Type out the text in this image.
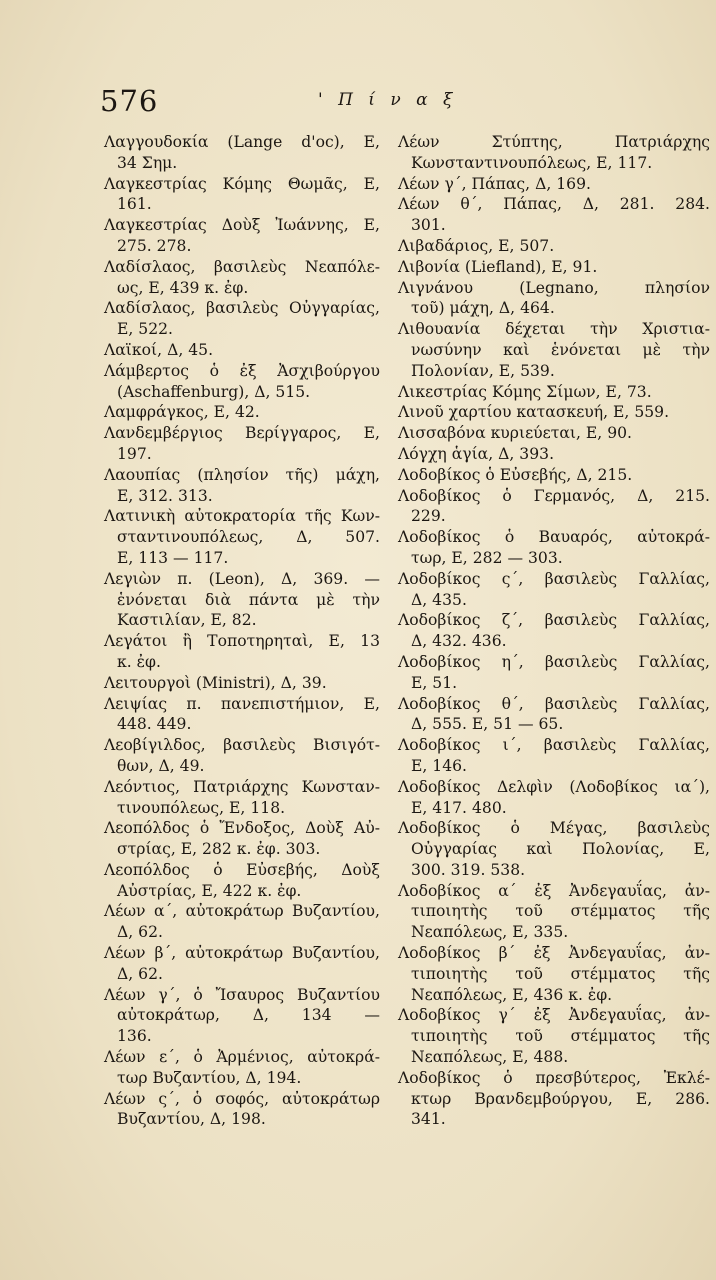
576	' Π ί ν α ξ
Λαγγουδοκία (Lange d'oc), Ε,
34 Σημ.
Λαγκεστρίας Κόμης Θωμᾶς, Ε,
161.
Λαγκεστρίας Δοὺξ Ἰωάννης, Ε,
275. 278.
Λαδίσλαος, βασιλεὺς Νεαπόλε-
ως, Ε, 439 κ. ἐφ.
Λαδίσλαος, βασιλεὺς Οὐγγαρίας,
Ε, 522.
Λαϊκοί, Δ, 45.
Λάμβερτος ὁ ἐξ Ἀσχιβούργου
(Aschaffenburg), Δ, 515.
Λαμφράγκος, Ε, 42.
Λανδεμβέργιος Βερίγγαρος, Ε,
197.
Λαουπίας (πλησίον τῆς) μάχη,
Ε, 312. 313.
Λατινικὴ αὐτοκρατορία τῆς Κων-
σταντινουπόλεως, Δ, 507.
Ε, 113 — 117.
Λεγιὼν π. (Leon), Δ, 369. —
ἑνόνεται διὰ πάντα μὲ τὴν
Καστιλίαν, Ε, 82.
Λεγάτοι ἢ Τοποτηρηταὶ, Ε, 13
κ. ἐφ.
Λειτουργοὶ (Ministri), Δ, 39.
Λειψίας π. πανεπιστήμιον, Ε,
448. 449.
Λεοβίγιλδος, βασιλεὺς Βισιγότ-
θων, Δ, 49.
Λεόντιος, Πατριάρχης Κωνσταν-
τινουπόλεως, Ε, 118.
Λεοπόλδος ὁ Ἔνδοξος, Δοὺξ Αὐ-
στρίας, Ε, 282 κ. ἐφ. 303.
Λεοπόλδος ὁ Εὐσεβής, Δοὺξ
Αὐστρίας, Ε, 422 κ. ἐφ.
Λέων α΄, αὐτοκράτωρ Βυζαντίου,
Δ, 62.
Λέων β΄, αὐτοκράτωρ Βυζαντίου,
Δ, 62.
Λέων γ΄, ὁ Ἴσαυρος Βυζαντίου
αὐτοκράτωρ, Δ, 134 —
136.
Λέων ε΄, ὁ Ἀρμένιος, αὐτοκρά-
τωρ Βυζαντίου, Δ, 194.
Λέων ς΄, ὁ σοφός, αὐτοκράτωρ
Βυζαντίου, Δ, 198.
Λέων Στύπτης, Πατριάρχης
Κωνσταντινουπόλεως, Ε, 117.
Λέων γ΄, Πάπας, Δ, 169.
Λέων θ΄, Πάπας, Δ, 281. 284.
301.
Λιβαδάριος, Ε, 507.
Λιβονία (Liefland), Ε, 91.
Λιγνάνου (Legnano, πλησίον
τοῦ) μάχη, Δ, 464.
Λιθουανία δέχεται τὴν Χριστια-
νωσύνην καὶ ἑνόνεται μὲ τὴν
Πολονίαν, Ε, 539.
Λικεστρίας Κόμης Σίμων, Ε, 73.
Λινοῦ χαρτίου κατασκευή, Ε, 559.
Λισσαβόνα κυριεύεται, Ε, 90.
Λόγχη ἁγία, Δ, 393.
Λοδοβίκος ὁ Εὐσεβής, Δ, 215.
Λοδοβίκος ὁ Γερμανός, Δ, 215.
229.
Λοδοβίκος ὁ Βαυαρός, αὐτοκρά-
τωρ, Ε, 282 — 303.
Λοδοβίκος ς΄, βασιλεὺς Γαλλίας,
Δ, 435.
Λοδοβίκος ζ΄, βασιλεὺς Γαλλίας,
Δ, 432. 436.
Λοδοβίκος η΄, βασιλεὺς Γαλλίας,
Ε, 51.
Λοδοβίκος θ΄, βασιλεὺς Γαλλίας,
Δ, 555. Ε, 51 — 65.
Λοδοβίκος ι΄, βασιλεὺς Γαλλίας,
Ε, 146.
Λοδοβίκος Δελφὶν (Λοδοβίκος ια΄),
Ε, 417. 480.
Λοδοβίκος ὁ Μέγας, βασιλεὺς
Οὐγγαρίας καὶ Πολονίας, Ε,
300. 319. 538.
Λοδοβίκος α΄ ἐξ Ἀνδεγαυΐας, ἀν-
τιποιητὴς τοῦ στέμματος τῆς
Νεαπόλεως, Ε, 335.
Λοδοβίκος β΄ ἐξ Ἀνδεγαυΐας, ἀν-
τιποιητὴς τοῦ στέμματος τῆς
Νεαπόλεως, Ε, 436 κ. ἐφ.
Λοδοβίκος γ΄ ἐξ Ἀνδεγαυΐας, ἀν-
τιποιητὴς τοῦ στέμματος τῆς
Νεαπόλεως, Ε, 488.
Λοδοβίκος ὁ πρεσβύτερος, Ἐκλέ-
κτωρ Βρανδεμβούργου, Ε, 286.
341.
